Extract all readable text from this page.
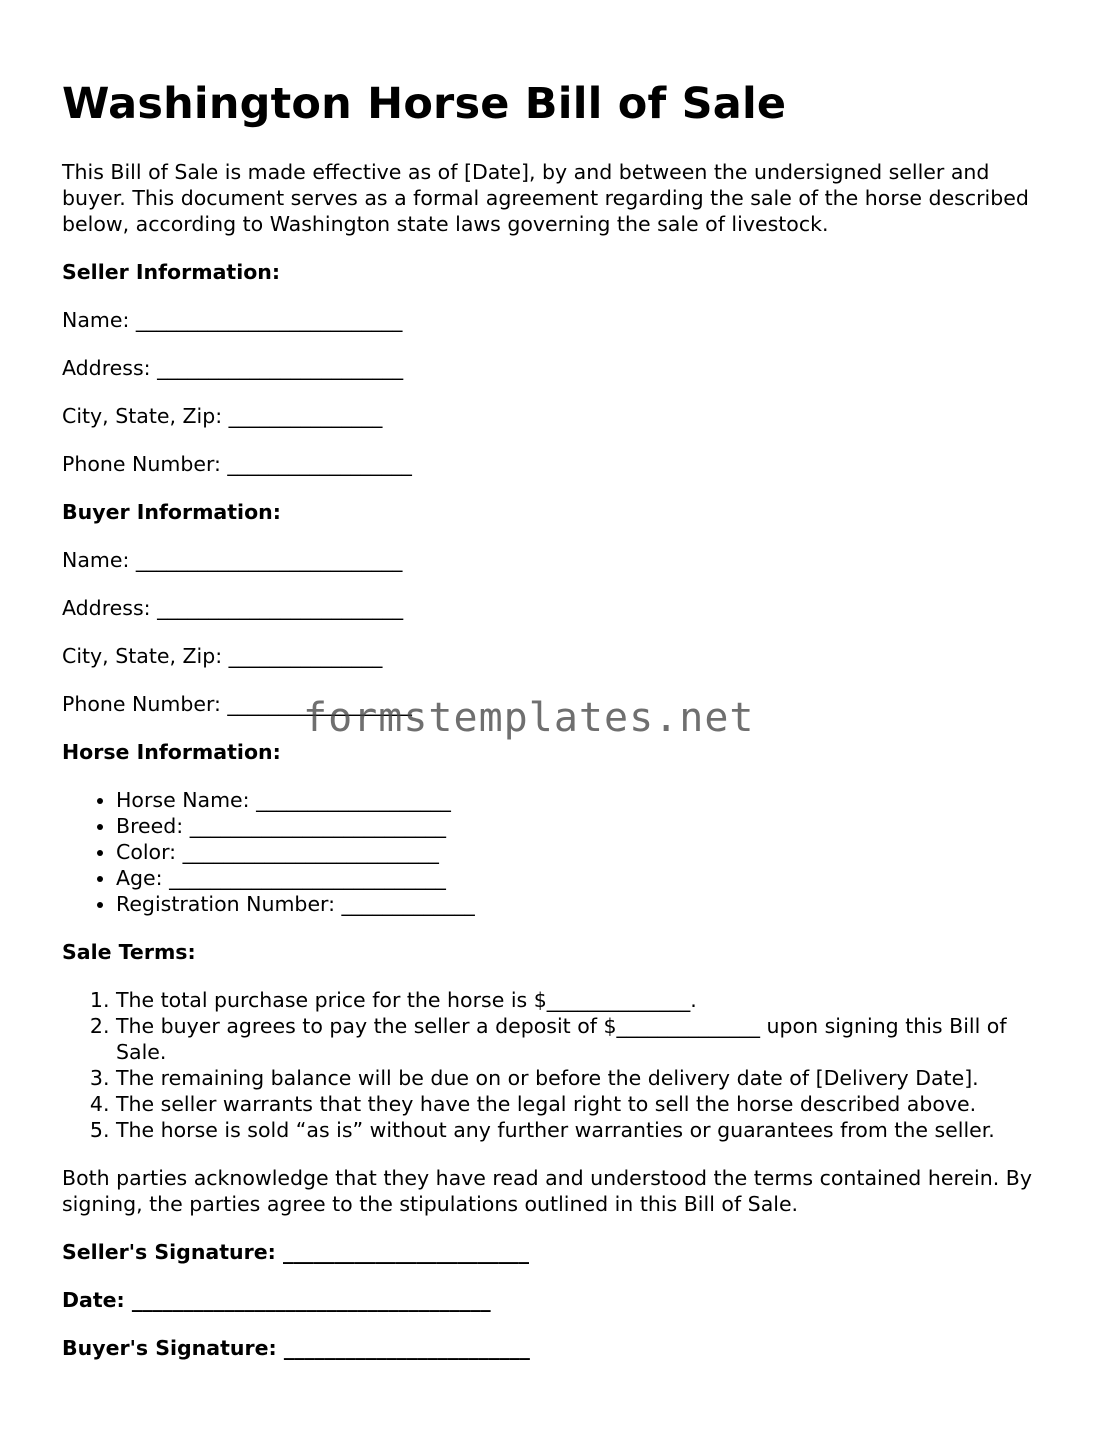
Washington Horse Bill of Sale

This Bill of Sale is made effective as of [Date], by and between the undersigned seller and buyer. This document serves as a formal agreement regarding the sale of the horse described below, according to Washington state laws governing the sale of livestock.

Seller Information:

Name: __________________________

Address: ________________________

City, State, Zip: _______________

Phone Number: __________________

Buyer Information:

Name: __________________________

Address: ________________________

City, State, Zip: _______________

Phone Number: __________________

Horse Information:

• Horse Name: ___________________
• Breed: _________________________
• Color: _________________________
• Age: ___________________________
• Registration Number: _____________

Sale Terms:

1. The total purchase price for the horse is $______________.
2. The buyer agrees to pay the seller a deposit of $______________ upon signing this Bill of Sale.
3. The remaining balance will be due on or before the delivery date of [Delivery Date].
4. The seller warrants that they have the legal right to sell the horse described above.
5. The horse is sold “as is” without any further warranties or guarantees from the seller.

Both parties acknowledge that they have read and understood the terms contained herein. By signing, the parties agree to the stipulations outlined in this Bill of Sale.

Seller's Signature: ________________________

Date: ___________________________________

Buyer's Signature: ________________________

formstemplates.net
